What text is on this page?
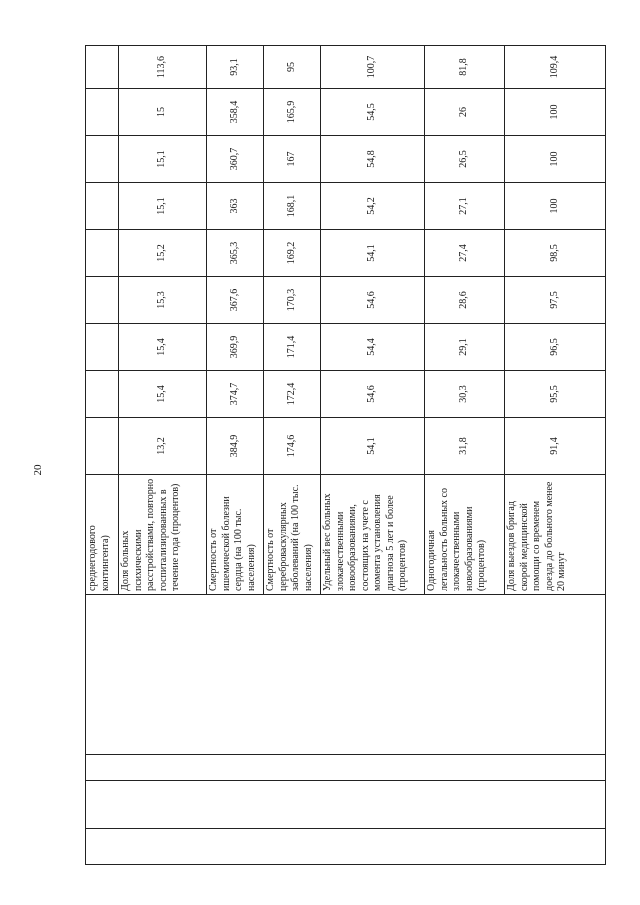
20
				среднегодового контингента)									
				Доля больных психическими расстройствами, повторно госпитализированных в течение года (процентов)	13,2	15,4	15,4	15,3	15,2	15,1	15,1	15	113,6
				Смертность от ишемической болезни сердца (на 100 тыс. населения)	384,9	374,7	369,9	367,6	365,3	363	360,7	358,4	93,1
				Смертность от цереброваскулярных заболеваний (на 100 тыс. населения)	174,6	172,4	171,4	170,3	169,2	168,1	167	165,9	95
				Удельный вес больных злокачественными новообразованиями, состоящих на учете с момента установления диагноза 5 лет и более (процентов)	54,1	54,6	54,4	54,6	54,1	54,2	54,8	54,5	100,7
				Одногодичная летальность больных со злокачественными новообразованиями (процентов)	31,8	30,3	29,1	28,6	27,4	27,1	26,5	26	81,8
				Доля выездов бригад скорой медицинской помощи со временем доезда до больного менее 20 минут	91,4	95,5	96,5	97,5	98,5	100	100	100	109,4
